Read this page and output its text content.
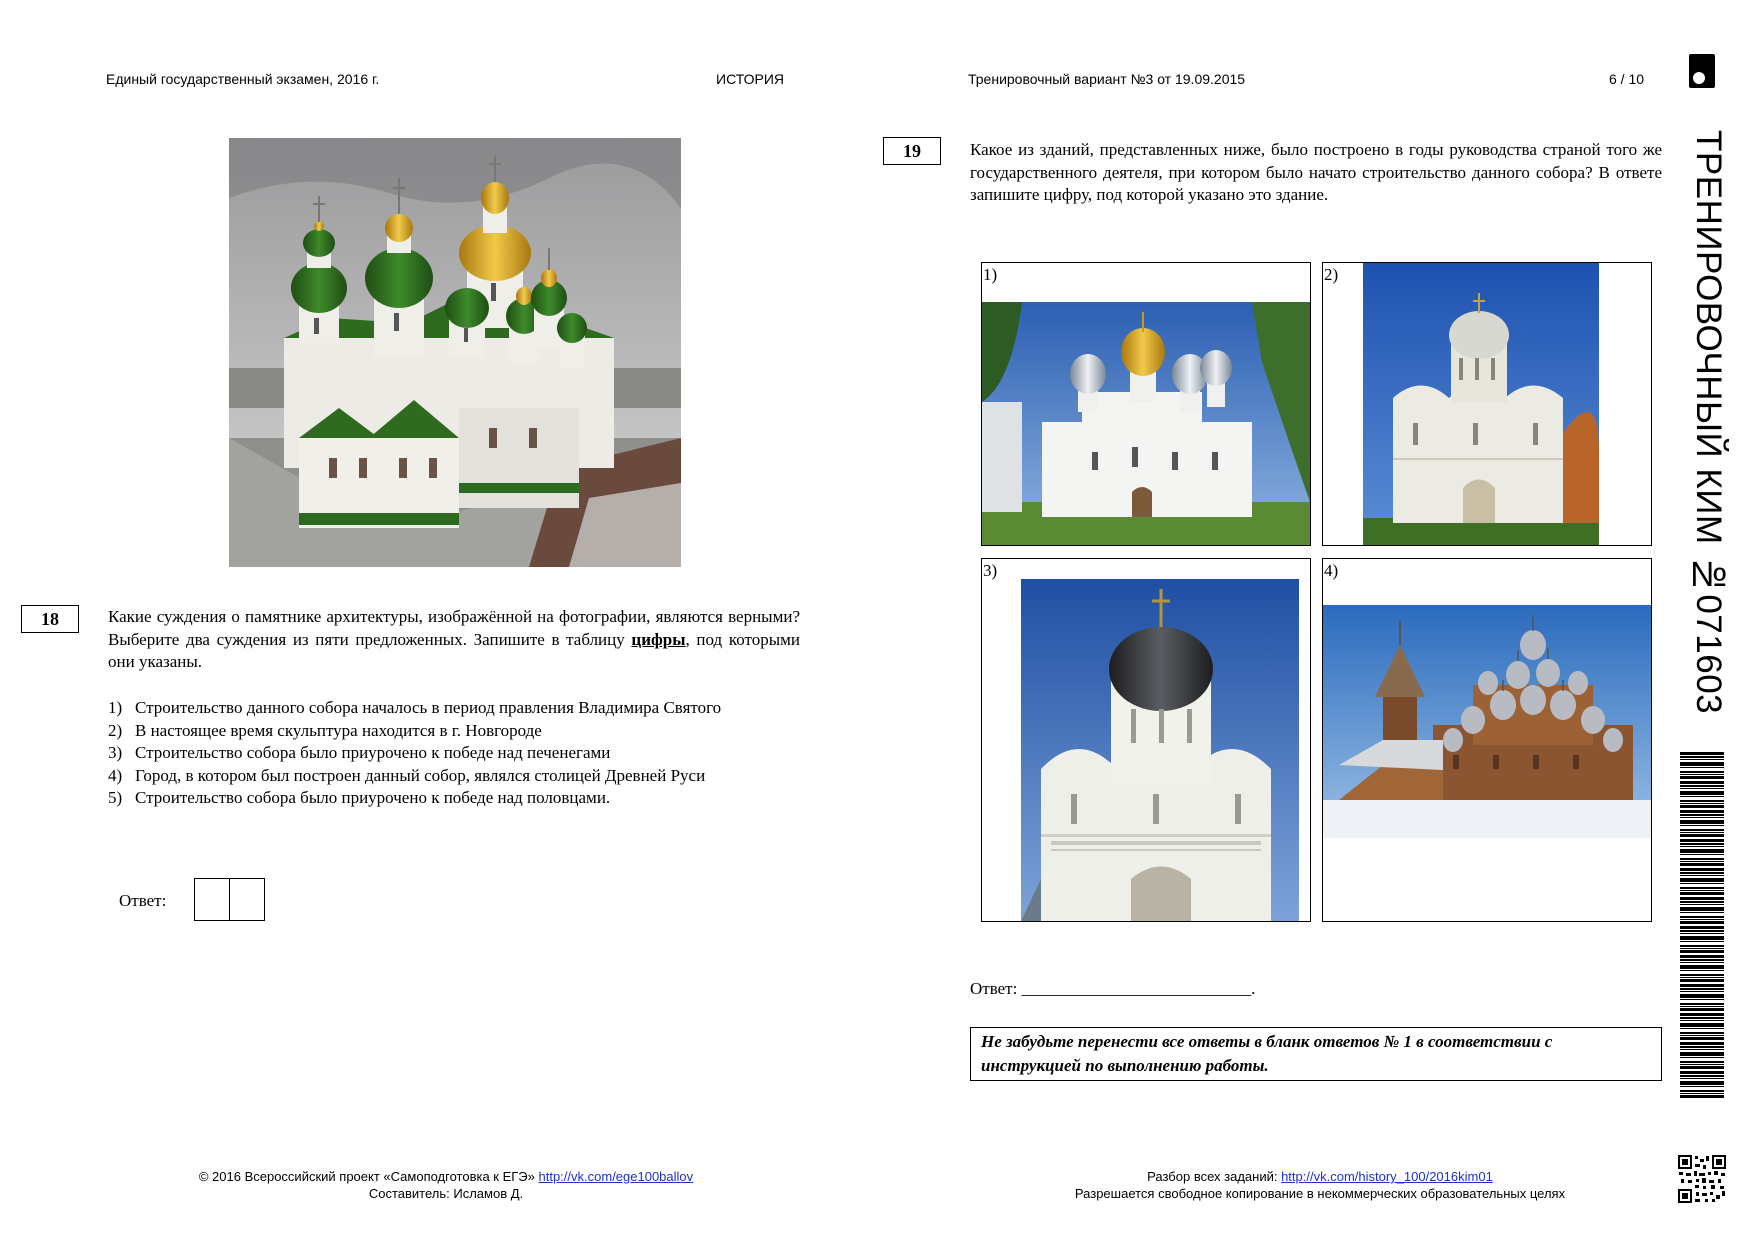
Единый государственный экзамен, 2016 г.	ИСТОРИЯ	Тренировочный вариант №3 от 19.09.2015	6 / 10
ТРЕНИРОВОЧНЫЙ КИМ №071603
18	Какие суждения о памятнике архитектуры, изображённой на фотографии, являются верными? Выберите два суждения из пяти предложенных. Запишите в таблицу цифры, под которыми они указаны.

1) Строительство данного собора началось в период правления Владимира Святого
2) В настоящее время скульптура находится в г. Новгороде
3) Строительство собора было приурочено к победе над печенегами
4) Город, в котором был построен данный собор, являлся столицей Древней Руси
5) Строительство собора было приурочено к победе над половцами.
Ответ:
19	Какое из зданий, представленных ниже, было построено в годы руководства страной того же государственного деятеля, при котором было начато строительство данного собора? В ответе запишите цифру, под которой указано это здание.
1)	2)
3)	4)
Ответ: ___________________________.
Не забудьте перенести все ответы в бланк ответов № 1 в соответствии с инструкцией по выполнению работы.
© 2016 Всероссийский проект «Самоподготовка к ЕГЭ» http://vk.com/ege100ballov
Составитель: Исламов Д.
Разбор всех заданий: http://vk.com/history_100/2016kim01
Разрешается свободное копирование в некоммерческих образовательных целях
